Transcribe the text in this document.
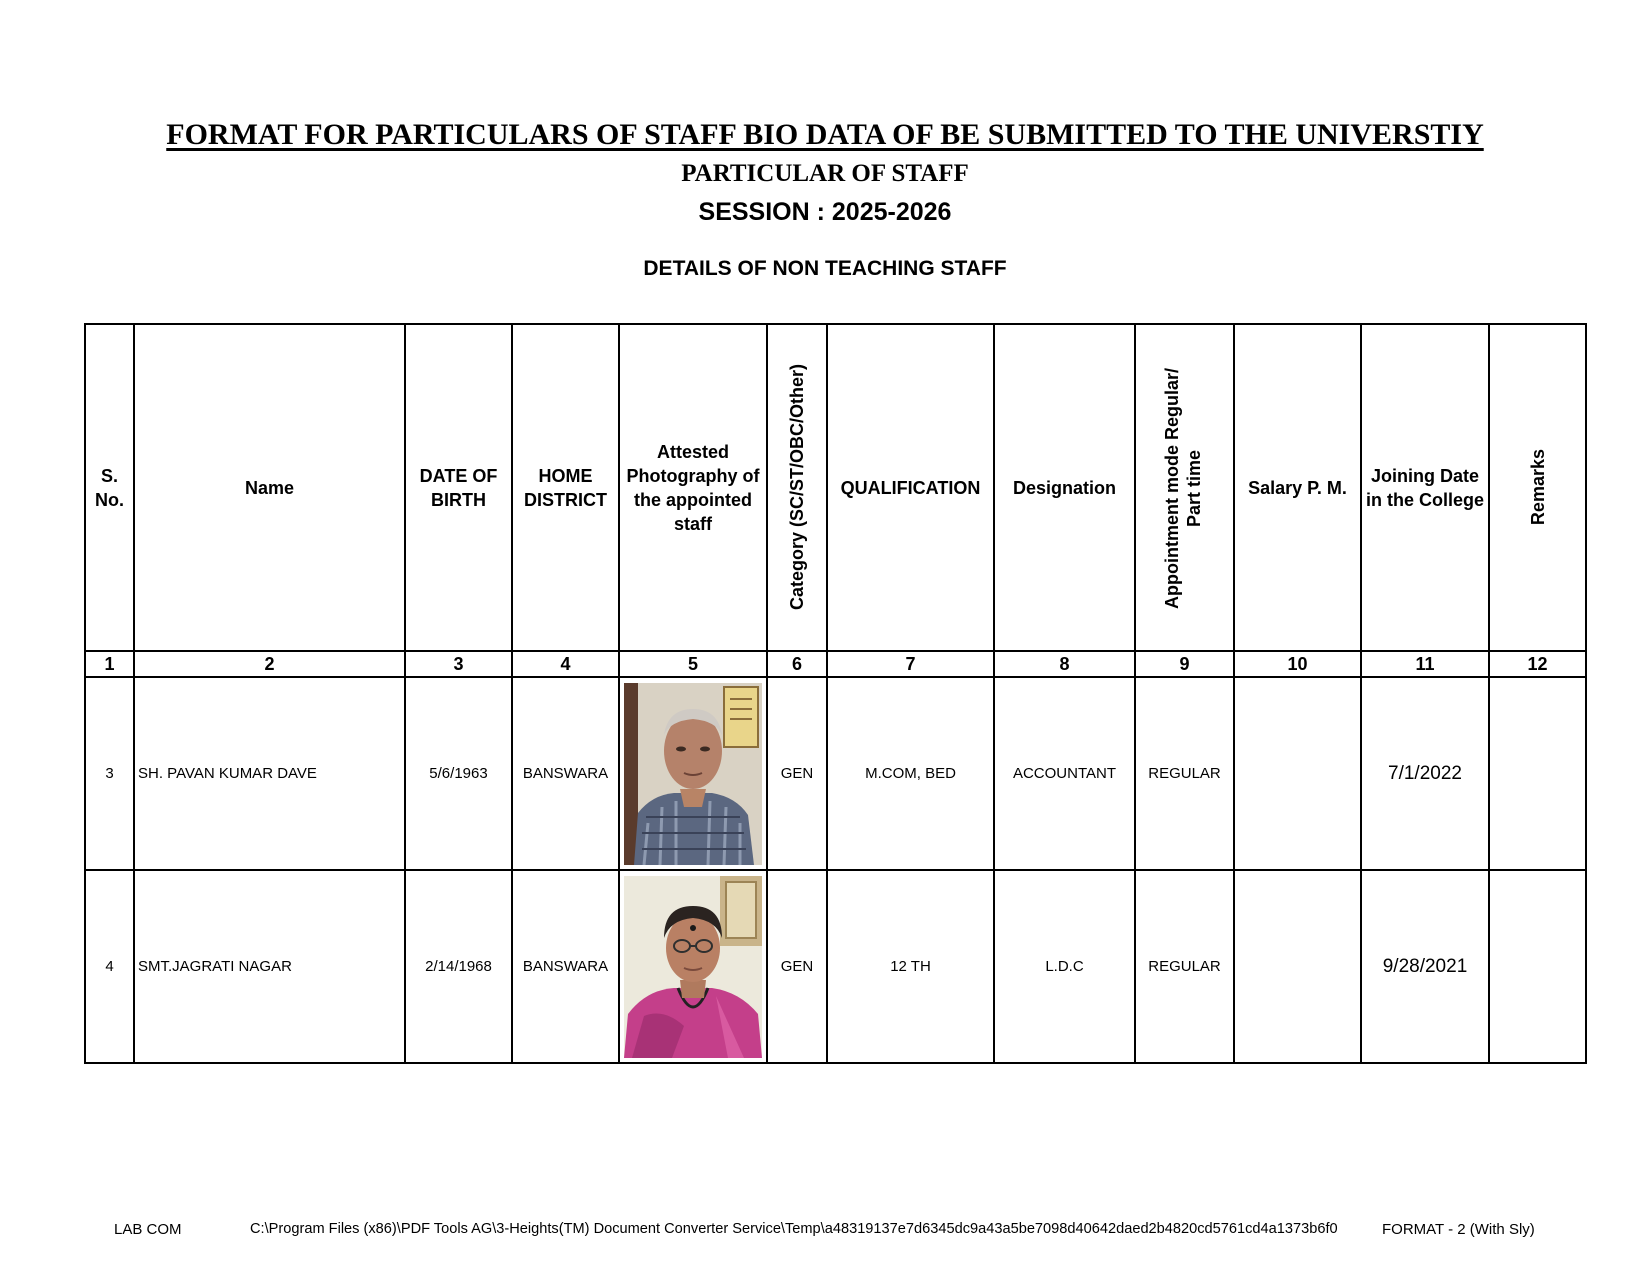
FORMAT FOR PARTICULARS OF STAFF BIO DATA OF BE SUBMITTED TO THE UNIVERSTIY
PARTICULAR OF STAFF
SESSION : 2025-2026
DETAILS OF NON TEACHING STAFF
S. No.	Name	DATE OF BIRTH	HOME DISTRICT	Attested Photography of the appointed staff	Category (SC/ST/OBC/Other)	QUALIFICATION	Designation	Appointment mode Regular/ Part time	Salary P. M.	Joining Date in the College	Remarks

1	2	3	4	5	6	7	8	9	10	11	12
3	SH. PAVAN KUMAR DAVE	5/6/1963	BANSWARA		GEN	M.COM, BED	ACCOUNTANT	REGULAR		7/1/2022	
4	SMT.JAGRATI NAGAR	2/14/1968	BANSWARA		GEN	12 TH	L.D.C	REGULAR		9/28/2021	
LAB COM	C:\Program Files (x86)\PDF Tools AG\3-Heights(TM) Document Converter Service\Temp\a48319137e7d6345dc9a43a5be7098d40642daed2b4820cd5761cd4a1373b6f0	FORMAT - 2 (With Sly)
